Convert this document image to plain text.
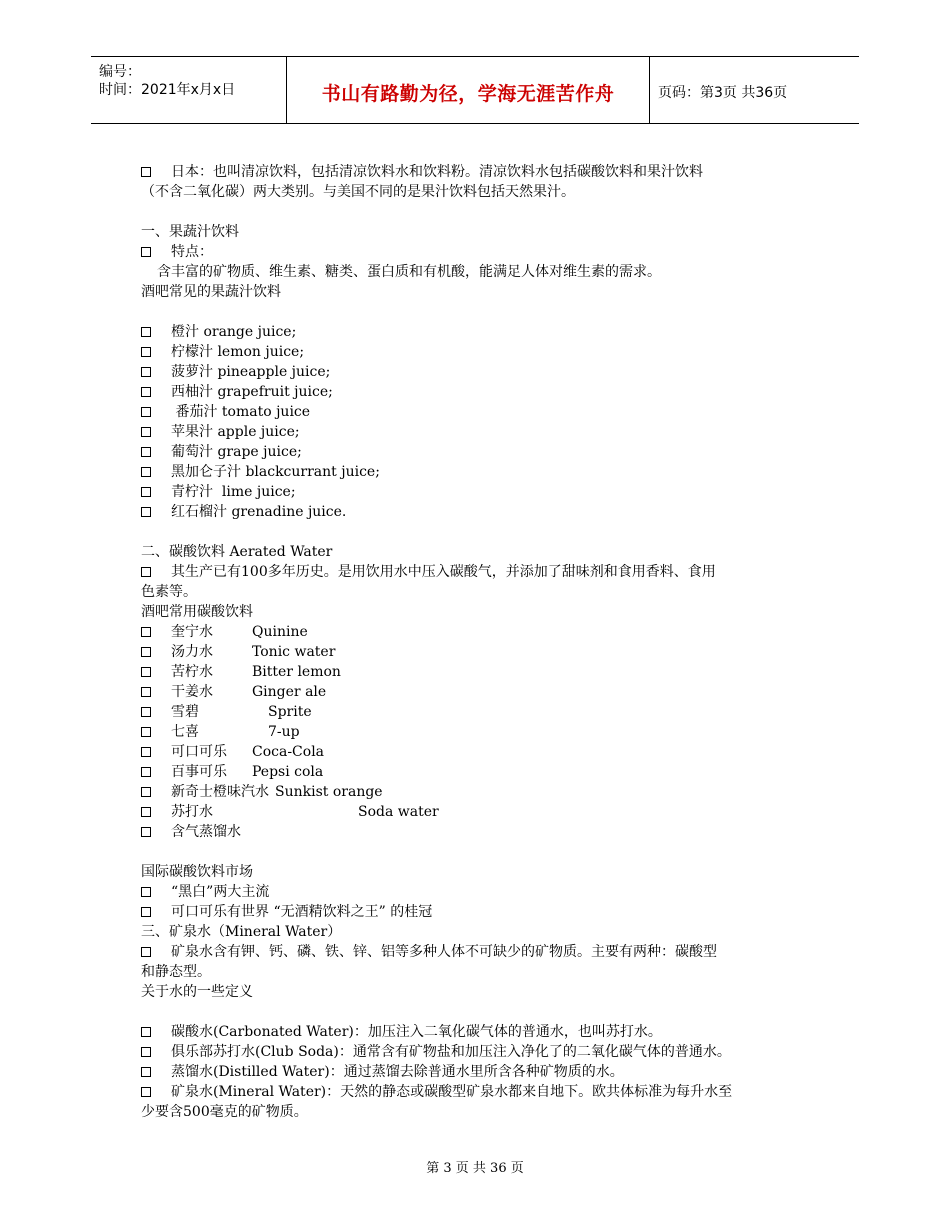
编号：
时间：2021年x月x日	书山有路勤为径，学海无涯苦作舟	页码：第3页 共36页
日本：也叫清凉饮料，包括清凉饮料水和饮料粉。清凉饮料水包括碳酸饮料和果汁饮料
（不含二氧化碳）两大类别。与美国不同的是果汁饮料包括天然果汁。
一、果蔬汁饮料
特点：
含丰富的矿物质、维生素、糖类、蛋白质和有机酸，能满足人体对维生素的需求。
酒吧常见的果蔬汁饮料
橙汁 orange juice;
柠檬汁 lemon juice;
菠萝汁 pineapple juice;
西柚汁 grapefruit juice;
番茄汁 tomato juice
苹果汁 apple juice;
葡萄汁 grape juice;
黑加仑子汁 blackcurrant juice;
青柠汁  lime juice;
红石榴汁 grenadine juice.
二、碳酸饮料 Aerated Water
其生产已有100多年历史。是用饮用水中压入碳酸气，并添加了甜味剂和食用香料、食用
色素等。
酒吧常用碳酸饮料
奎宁水	Quinine
汤力水	Tonic water
苦柠水	Bitter lemon
干姜水	Ginger ale
雪碧	Sprite
七喜	7-up
可口可乐 Coca-Cola
百事可乐 Pepsi cola
新奇士橙味汽水 Sunkist orange
苏打水	Soda water
含气蒸馏水
国际碳酸饮料市场
“黑白”两大主流
可口可乐有世界 “无酒精饮料之王” 的桂冠
三、矿泉水（Mineral Water）
矿泉水含有钾、钙、磷、铁、锌、铝等多种人体不可缺少的矿物质。主要有两种：碳酸型
和静态型。
关于水的一些定义
碳酸水(Carbonated Water)：加压注入二氧化碳气体的普通水，也叫苏打水。
俱乐部苏打水(Club Soda)：通常含有矿物盐和加压注入净化了的二氧化碳气体的普通水。
蒸馏水(Distilled Water)：通过蒸馏去除普通水里所含各种矿物质的水。
矿泉水(Mineral Water)：天然的静态或碳酸型矿泉水都来自地下。欧共体标准为每升水至
少要含500毫克的矿物质。
第 3 页 共 36 页
